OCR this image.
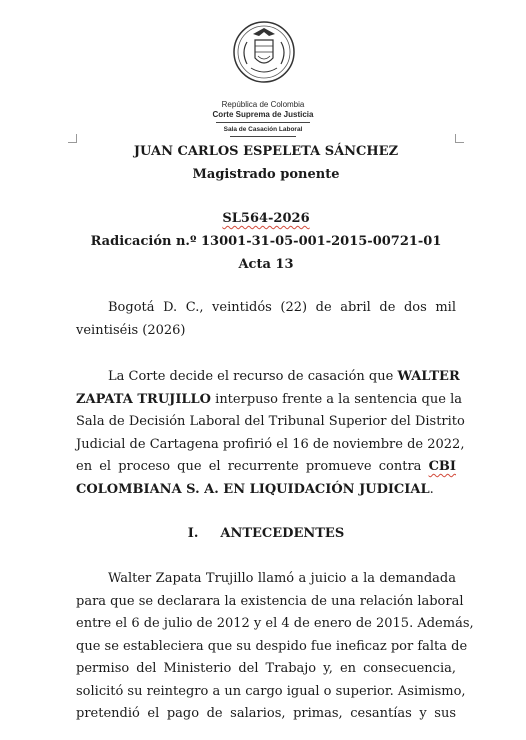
República de Colombia
Corte Suprema de Justicia
Sala de Casación Laboral
JUAN CARLOS ESPELETA SÁNCHEZ
Magistrado ponente
SL564-2026
Radicación n.º 13001-31-05-001-2015-00721-01
Acta 13
Bogotá D. C., veintidós (22) de abril de dos mil
veintiséis (2026)
La Corte decide el recurso de casación que WALTER
ZAPATA TRUJILLO interpuso frente a la sentencia que la
Sala de Decisión Laboral del Tribunal Superior del Distrito
Judicial de Cartagena profirió el 16 de noviembre de 2022,
en el proceso que el recurrente promueve contra CBI
COLOMBIANA S. A. EN LIQUIDACIÓN JUDICIAL.
I. ANTECEDENTES
Walter Zapata Trujillo llamó a juicio a la demandada
para que se declarara la existencia de una relación laboral
entre el 6 de julio de 2012 y el 4 de enero de 2015. Además,
que se estableciera que su despido fue ineficaz por falta de
permiso del Ministerio del Trabajo y, en consecuencia,
solicitó su reintegro a un cargo igual o superior. Asimismo,
pretendió el pago de salarios, primas, cesantías y sus
